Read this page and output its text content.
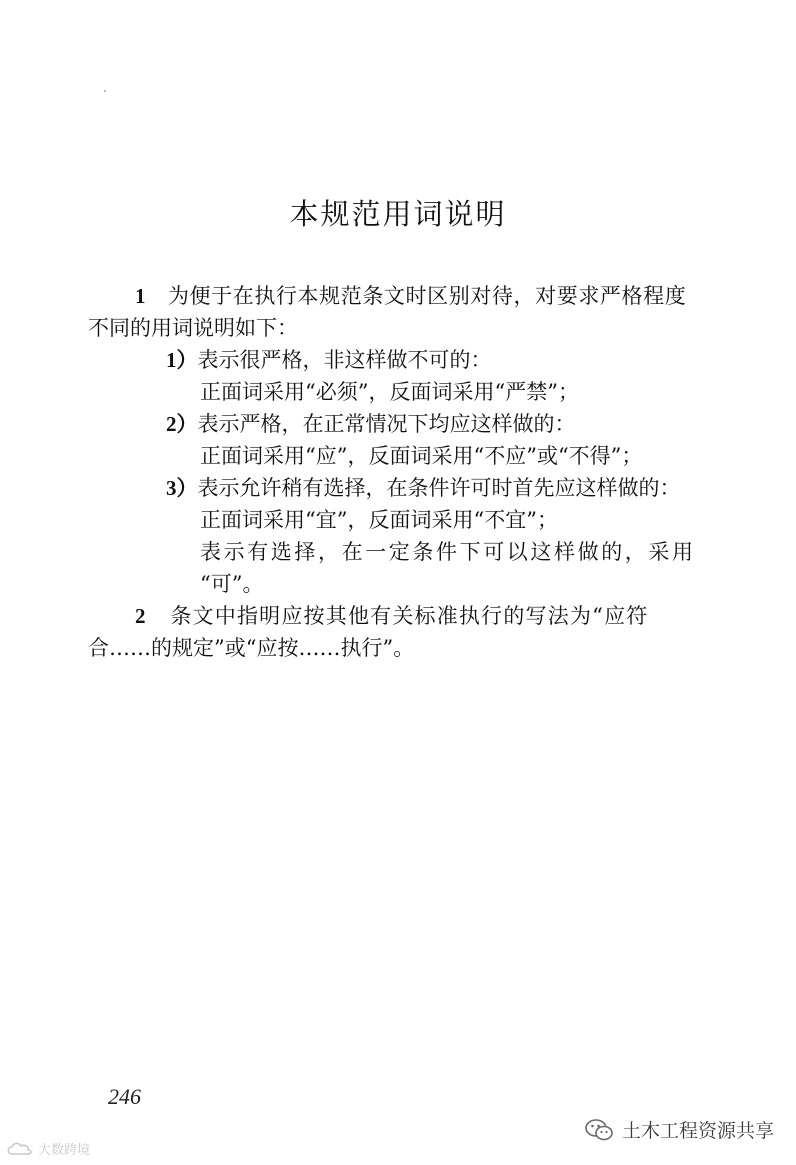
本规范用词说明
1 为便于在执行本规范条文时区别对待，对要求严格程度
不同的用词说明如下：
1）表示很严格，非这样做不可的：
正面词采用“必须”，反面词采用“严禁”；
2）表示严格，在正常情况下均应这样做的：
正面词采用“应”，反面词采用“不应”或“不得”；
3）表示允许稍有选择，在条件许可时首先应这样做的：
正面词采用“宜”，反面词采用“不宜”；
表示有选择，在一定条件下可以这样做的，采用
“可”。
2 条文中指明应按其他有关标准执行的写法为“应符
合……的规定”或“应按……执行”。
246
大数跨境
土木工程资源共享
